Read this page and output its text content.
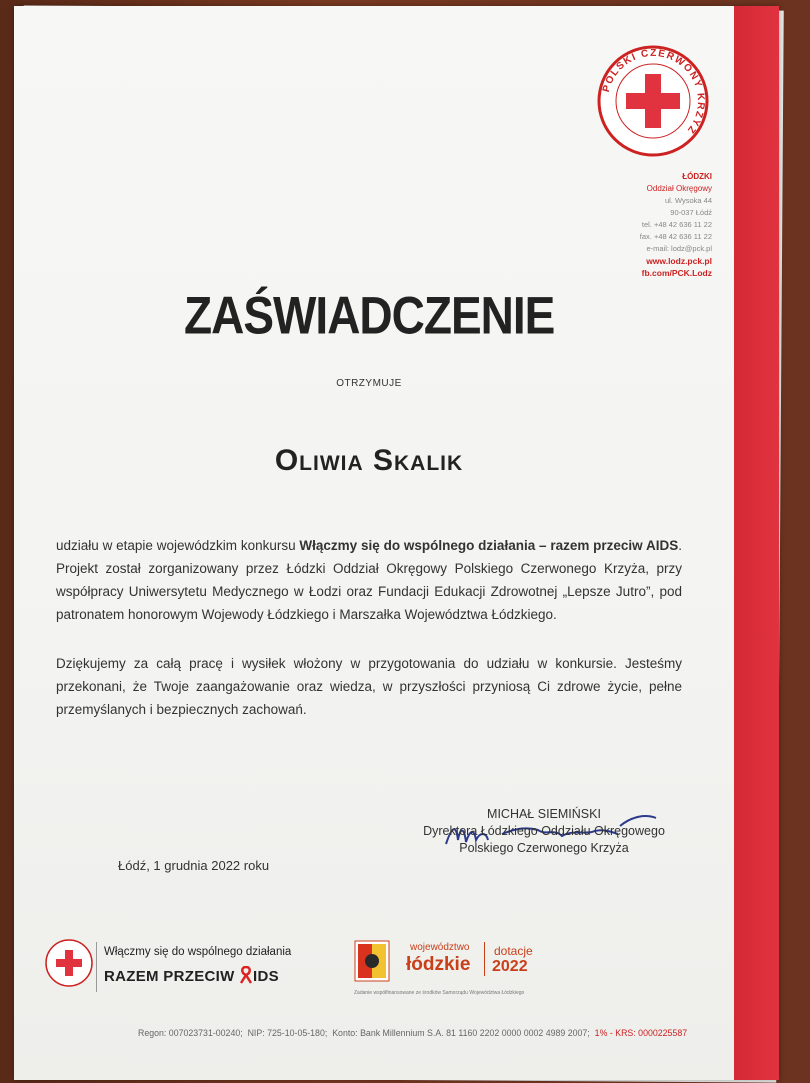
POLSKI CZERWONY KRZYŻ
ŁÓDZKI
Oddział Okręgowy
ul. Wysoka 44
90-037 Łódź
tel. +48 42 636 11 22
fax. +48 42 636 11 22
e-mail: lodz@pck.pl
www.lodz.pck.pl
fb.com/PCK.Lodz
ZAŚWIADCZENIE
OTRZYMUJE
Oliwia Skalik
udziału w etapie wojewódzkim konkursu Włączmy się do wspólnego działania – razem przeciw AIDS. Projekt został zorganizowany przez Łódzki Oddział Okręgowy Polskiego Czerwonego Krzyża, przy współpracy Uniwersytetu Medycznego w Łodzi oraz Fundacji Edukacji Zdrowotnej „Lepsze Jutro”, pod patronatem honorowym Wojewody Łódzkiego i Marszałka Województwa Łódzkiego.
Dziękujemy za całą pracę i wysiłek włożony w przygotowania do udziału w konkursie. Jesteśmy przekonani, że Twoje zaangażowanie oraz wiedza, w przyszłości przyniosą Ci zdrowe życie, pełne przemyślanych i bezpiecznych zachowań.
MICHAŁ SIEMIŃSKI
Dyrektora Łódzkiego Oddziału Okręgowego
Polskiego Czerwonego Krzyża
Łódź, 1 grudnia 2022 roku
Włączmy się do wspólnego działania
RAZEM PRZECIW IDS
województwo
łódzkie
dotacje
2022
Zadanie współfinansowane ze środków Samorządu Województwa Łódzkiego
Regon: 007023731-00240; NIP: 725-10-05-180; Konto: Bank Millennium S.A. 81 1160 2202 0000 0002 4989 2007; 1% - KRS: 0000225587
